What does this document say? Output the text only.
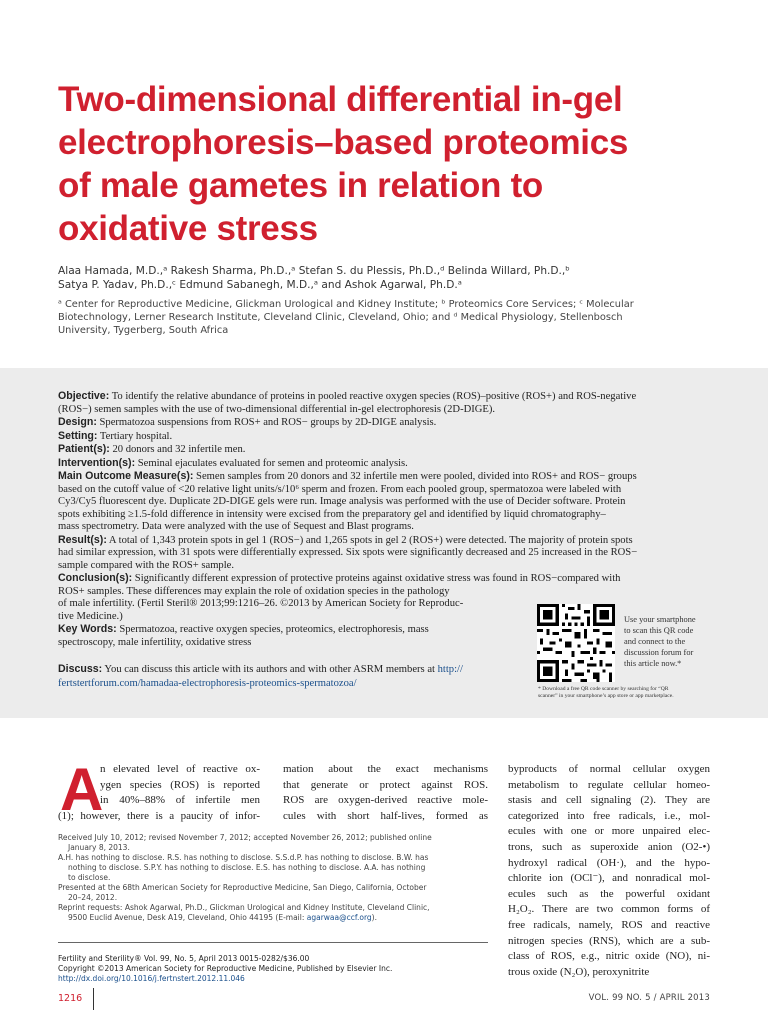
Two-dimensional differential in-gel
electrophoresis–based proteomics
of male gametes in relation to
oxidative stress
Alaa Hamada, M.D.,ᵃ Rakesh Sharma, Ph.D.,ᵃ Stefan S. du Plessis, Ph.D.,ᵈ Belinda Willard, Ph.D.,ᵇ
Satya P. Yadav, Ph.D.,ᶜ Edmund Sabanegh, M.D.,ᵃ and Ashok Agarwal, Ph.D.ᵃ
ᵃ Center for Reproductive Medicine, Glickman Urological and Kidney Institute; ᵇ Proteomics Core Services; ᶜ Molecular
Biotechnology, Lerner Research Institute, Cleveland Clinic, Cleveland, Ohio; and ᵈ Medical Physiology, Stellenbosch
University, Tygerberg, South Africa
Objective: To identify the relative abundance of proteins in pooled reactive oxygen species (ROS)–positive (ROS+) and ROS-negative
(ROS−) semen samples with the use of two-dimensional differential in-gel electrophoresis (2D-DIGE).
Design: Spermatozoa suspensions from ROS+ and ROS− groups by 2D-DIGE analysis.
Setting: Tertiary hospital.
Patient(s): 20 donors and 32 infertile men.
Intervention(s): Seminal ejaculates evaluated for semen and proteomic analysis.
Main Outcome Measure(s): Semen samples from 20 donors and 32 infertile men were pooled, divided into ROS+ and ROS− groups
based on the cutoff value of <20 relative light units/s/10⁶ sperm and frozen. From each pooled group, spermatozoa were labeled with
Cy3/Cy5 fluorescent dye. Duplicate 2D-DIGE gels were run. Image analysis was performed with the use of Decider software. Protein
spots exhibiting ≥1.5-fold difference in intensity were excised from the preparatory gel and identified by liquid chromatography–
mass spectrometry. Data were analyzed with the use of Sequest and Blast programs.
Result(s): A total of 1,343 protein spots in gel 1 (ROS−) and 1,265 spots in gel 2 (ROS+) were detected. The majority of protein spots
had similar expression, with 31 spots were differentially expressed. Six spots were significantly decreased and 25 increased in the ROS−
sample compared with the ROS+ sample.
Conclusion(s): Significantly different expression of protective proteins against oxidative stress was found in ROS−compared with
ROS+ samples. These differences may explain the role of oxidation species in the pathology
of male infertility. (Fertil Steril® 2013;99:1216–26. ©2013 by American Society for Reproduc-
tive Medicine.)
Key Words: Spermatozoa, reactive oxygen species, proteomics, electrophoresis, mass
spectroscopy, male infertility, oxidative stress
Use your smartphone
to scan this QR code
and connect to the
discussion forum for
this article now.*
* Download a free QR code scanner by searching for “QR
scanner” in your smartphone’s app store or app marketplace.
Discuss: You can discuss this article with its authors and with other ASRM members at http://
fertstertforum.com/hamadaa-electrophoresis-proteomics-spermatozoa/
A
n elevated level of reactive ox-
ygen species (ROS) is reported
in 40%–88% of infertile men
(1); however, there is a paucity of infor-
mation about the exact mechanisms
that generate or protect against ROS.
ROS are oxygen-derived reactive mole-
cules with short half-lives, formed as
byproducts of normal cellular oxygen
metabolism to regulate cellular homeo-
stasis and cell signaling (2). They are
categorized into free radicals, i.e., mol-
ecules with one or more unpaired elec-
trons, such as superoxide anion (O2-•)
hydroxyl radical (OH·), and the hypo-
chlorite ion (OCl⁻), and nonradical mol-
ecules such as the powerful oxidant
H₂O₂. There are two common forms of
free radicals, namely, ROS and reactive
nitrogen species (RNS), which are a sub-
class of ROS, e.g., nitric oxide (NO), ni-
trous oxide (N₂O), peroxynitrite
Received July 10, 2012; revised November 7, 2012; accepted November 26, 2012; published online
January 8, 2013.
A.H. has nothing to disclose. R.S. has nothing to disclose. S.S.d.P. has nothing to disclose. B.W. has
nothing to disclose. S.P.Y. has nothing to disclose. E.S. has nothing to disclose. A.A. has nothing
to disclose.
Presented at the 68th American Society for Reproductive Medicine, San Diego, California, October
20–24, 2012.
Reprint requests: Ashok Agarwal, Ph.D., Glickman Urological and Kidney Institute, Cleveland Clinic,
9500 Euclid Avenue, Desk A19, Cleveland, Ohio 44195 (E-mail: agarwaa@ccf.org).
Fertility and Sterility® Vol. 99, No. 5, April 2013 0015-0282/$36.00
Copyright ©2013 American Society for Reproductive Medicine, Published by Elsevier Inc.
http://dx.doi.org/10.1016/j.fertnstert.2012.11.046
1216	VOL. 99 NO. 5 / APRIL 2013
